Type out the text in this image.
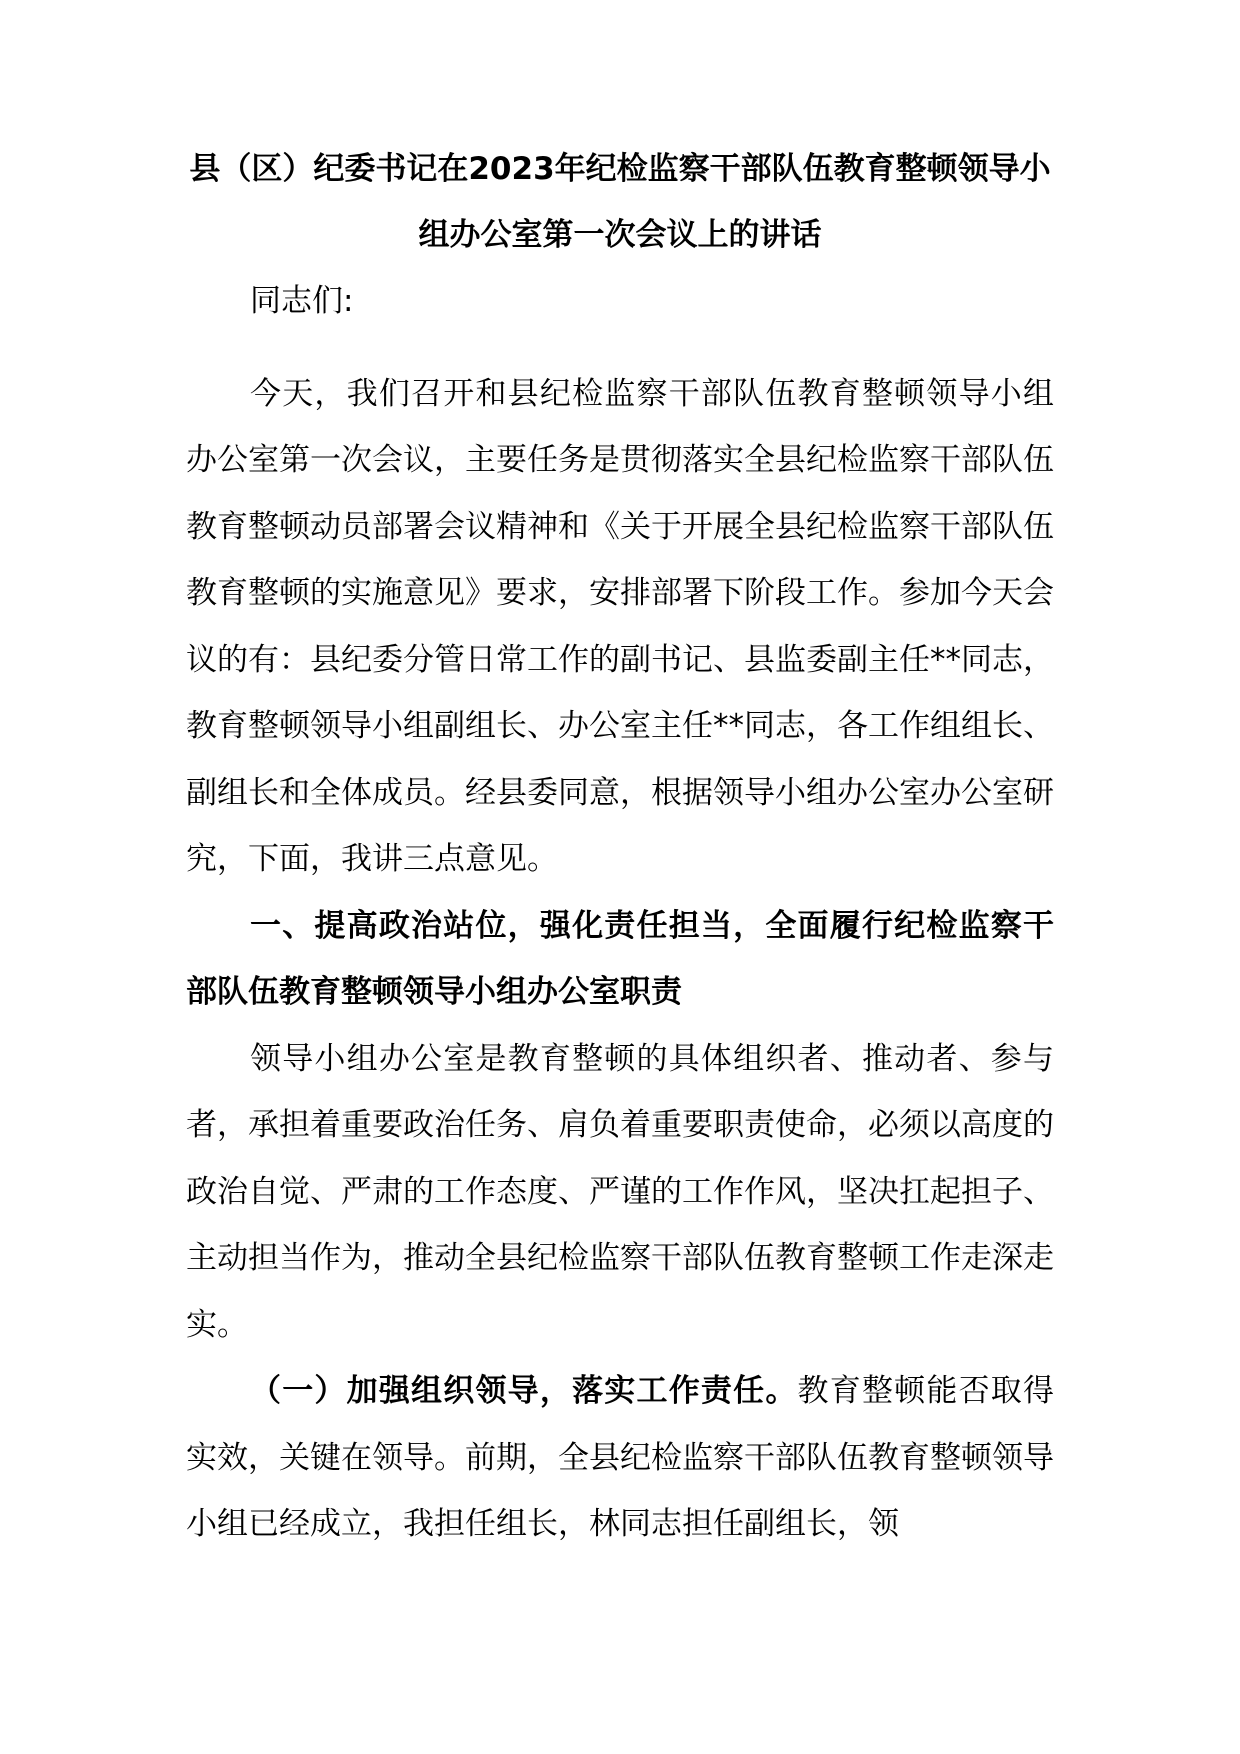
县（区）纪委书记在2023年纪检监察干部队伍教育整顿领导小组办公室第一次会议上的讲话

同志们:

今天，我们召开和县纪检监察干部队伍教育整顿领导小组办公室第一次会议，主要任务是贯彻落实全县纪检监察干部队伍教育整顿动员部署会议精神和《关于开展全县纪检监察干部队伍教育整顿的实施意见》要求，安排部署下阶段工作。参加今天会议的有：县纪委分管日常工作的副书记、县监委副主任**同志，教育整顿领导小组副组长、办公室主任**同志，各工作组组长、副组长和全体成员。经县委同意，根据领导小组办公室办公室研究，下面，我讲三点意见。

一、提高政治站位，强化责任担当，全面履行纪检监察干部队伍教育整顿领导小组办公室职责

领导小组办公室是教育整顿的具体组织者、推动者、参与者，承担着重要政治任务、肩负着重要职责使命，必须以高度的政治自觉、严肃的工作态度、严谨的工作作风，坚决扛起担子、主动担当作为，推动全县纪检监察干部队伍教育整顿工作走深走实。

（一）加强组织领导，落实工作责任。教育整顿能否取得实效，关键在领导。前期，全县纪检监察干部队伍教育整顿领导小组已经成立，我担任组长，林同志担任副组长，领
